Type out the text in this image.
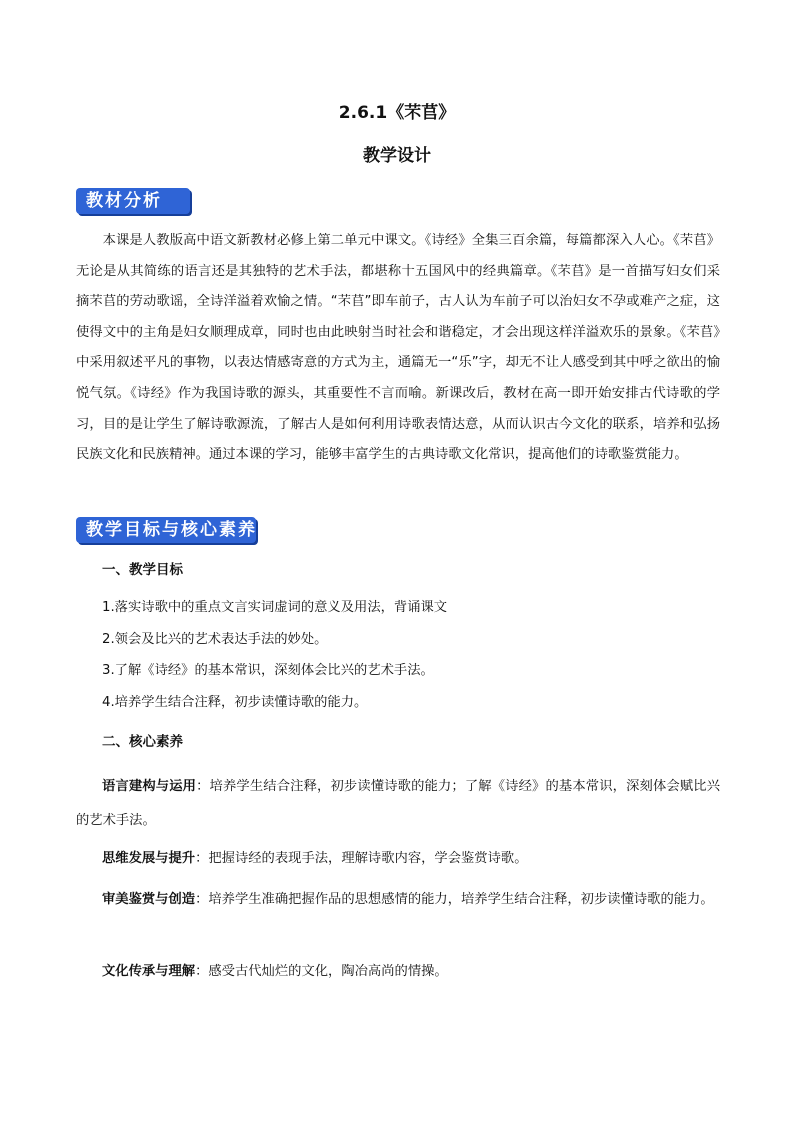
2.6.1《芣苢》
教学设计
教材分析

本课是人教版高中语文新教材必修上第二单元中课文。《诗经》全集三百余篇，每篇都深入人心。《芣苢》无论是从其简练的语言还是其独特的艺术手法，都堪称十五国风中的经典篇章。《芣苢》是一首描写妇女们采摘芣苢的劳动歌谣，全诗洋溢着欢愉之情。“芣苢”即车前子，古人认为车前子可以治妇女不孕或难产之症，这使得文中的主角是妇女顺理成章，同时也由此映射当时社会和谐稳定，才会出现这样洋溢欢乐的景象。《芣苢》中采用叙述平凡的事物，以表达情感寄意的方式为主，通篇无一“乐”字，却无不让人感受到其中呼之欲出的愉悦气氛。《诗经》作为我国诗歌的源头，其重要性不言而喻。新课改后，教材在高一即开始安排古代诗歌的学习，目的是让学生了解诗歌源流，了解古人是如何利用诗歌表情达意，从而认识古今文化的联系，培养和弘扬民族文化和民族精神。通过本课的学习，能够丰富学生的古典诗歌文化常识，提高他们的诗歌鉴赏能力。

教学目标与核心素养
一、教学目标
1.落实诗歌中的重点文言实词虚词的意义及用法，背诵课文
2.领会及比兴的艺术表达手法的妙处。
3.了解《诗经》的基本常识，深刻体会比兴的艺术手法。
4.培养学生结合注释，初步读懂诗歌的能力。
二、核心素养

语言建构与运用：培养学生结合注释，初步读懂诗歌的能力；了解《诗经》的基本常识，深刻体会赋比兴的艺术手法。

思维发展与提升：把握诗经的表现手法，理解诗歌内容，学会鉴赏诗歌。

审美鉴赏与创造：培养学生准确把握作品的思想感情的能力，培养学生结合注释，初步读懂诗歌的能力。

文化传承与理解：感受古代灿烂的文化，陶冶高尚的情操。
